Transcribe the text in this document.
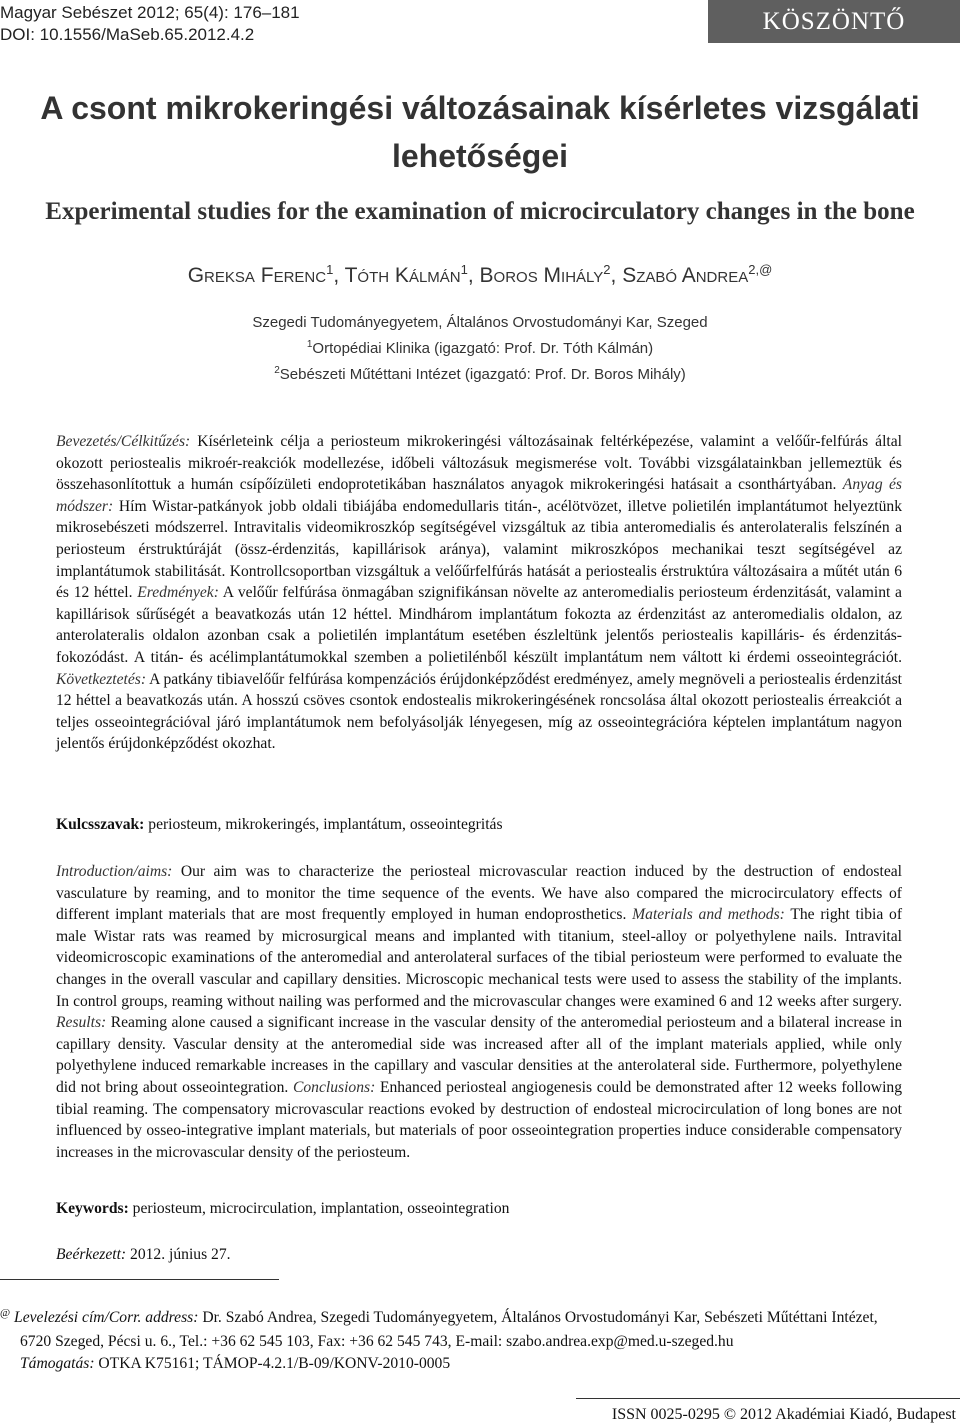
Magyar Sebészet 2012; 65(4): 176–181
DOI: 10.1556/MaSeb.65.2012.4.2	KÖSZÖNTŐ
A csont mikrokeringési változásainak kísérletes vizsgálati
lehetőségei
Experimental studies for the examination of microcirculatory changes in the bone
Greksa Ferenc$^1$, Tóth Kálmán$^1$, Boros Mihály$^2$, Szabó Andrea$^{2,@}$
Szegedi Tudományegyetem, Általános Orvostudományi Kar, Szeged
$^1$Ortopédiai Klinika (igazgató: Prof. Dr. Tóth Kálmán)
$^2$Sebészeti Műtéttani Intézet (igazgató: Prof. Dr. Boros Mihály)
Bevezetés/Célkitűzés: Kísérleteink célja a periosteum mikrokeringési változásainak feltérképezése, valamint a velőűr-felfúrás által okozott periostealis mikroér-reakciók modellezése, időbeli változásuk megismerése volt. További vizsgálatainkban jellemeztük és összehasonlítottuk a humán csípőízületi endoprotetikában használatos anyagok mikrokeringési hatásait a csonthártyában. Anyag és módszer: Hím Wistar-patkányok jobb oldali tibiájába endomedullaris titán-, acélötvözet, illetve polietilén implantátumot helyeztünk mikrosebészeti módszerrel. Intravitalis videomikroszkóp segítségével vizsgáltuk az tibia anteromedialis és anterolateralis felszínén a periosteum érstruktúráját (össz-érdenzitás, kapillárisok aránya), valamint mikroszkópos mechanikai teszt segítségével az implantátumok stabilitását. Kontrollcsoportban vizsgáltuk a velőűrfelfúrás hatását a periostealis érstruktúra változásaira a műtét után 6 és 12 héttel. Eredmények: A velőűr felfúrása önmagában szignifikánsan növelte az anteromedialis periosteum érdenzitását, valamint a kapillárisok sűrűségét a beavatkozás után 12 héttel. Mindhárom implantátum fokozta az érdenzitást az anteromedialis oldalon, az anterolateralis oldalon azonban csak a polietilén implantátum esetében észleltünk jelentős periostealis kapilláris- és érdenzitás-fokozódást. A titán- és acélimplantátumokkal szemben a polietilénből készült implantátum nem váltott ki érdemi osseointegrációt. Következtetés: A patkány tibiavelőűr felfúrása kompenzációs érújdonképződést eredményez, amely megnöveli a periostealis érdenzitást 12 héttel a beavatkozás után. A hosszú csöves csontok endostealis mikrokeringésének roncsolása által okozott periostealis érreakciót a teljes osseointegrációval járó implantátumok nem befolyásolják lényegesen, míg az osseointegrációra képtelen implantátum nagyon jelentős érújdonképződést okozhat.
Kulcsszavak: periosteum, mikrokeringés, implantátum, osseointegritás
Introduction/aims: Our aim was to characterize the periosteal microvascular reaction induced by the destruction of endosteal vasculature by reaming, and to monitor the time sequence of the events. We have also compared the microcirculatory effects of different implant materials that are most frequently employed in human endoprosthetics. Materials and methods: The right tibia of male Wistar rats was reamed by microsurgical means and implanted with titanium, steel-alloy or polyethylene nails. Intravital videomicroscopic examinations of the anteromedial and anterolateral surfaces of the tibial periosteum were performed to evaluate the changes in the overall vascular and capillary densities. Microscopic mechanical tests were used to assess the stability of the implants. In control groups, reaming without nailing was performed and the microvascular changes were examined 6 and 12 weeks after surgery. Results: Reaming alone caused a significant increase in the vascular density of the anteromedial periosteum and a bilateral increase in capillary density. Vascular density at the anteromedial side was increased after all of the implant materials applied, while only polyethylene induced remarkable increases in the capillary and vascular densities at the anterolateral side. Furthermore, polyethylene did not bring about osseointegration. Conclusions: Enhanced periosteal angiogenesis could be demonstrated after 12 weeks following tibial reaming. The compensatory microvascular reactions evoked by destruction of endosteal microcirculation of long bones are not influenced by osseo-integrative implant materials, but materials of poor osseointegration properties induce considerable compensatory increases in the microvascular density of the periosteum.
Keywords: periosteum, microcirculation, implantation, osseointegration
Beérkezett: 2012. június 27.
@ Levelezési cím/Corr. address: Dr. Szabó Andrea, Szegedi Tudományegyetem, Általános Orvostudományi Kar, Sebészeti Műtéttani Intézet,
6720 Szeged, Pécsi u. 6., Tel.: +36 62 545 103, Fax: +36 62 545 743, E-mail: szabo.andrea.exp@med.u-szeged.hu
Támogatás: OTKA K75161; TÁMOP-4.2.1/B-09/KONV-2010-0005
ISSN 0025-0295 © 2012 Akadémiai Kiadó, Budapest
